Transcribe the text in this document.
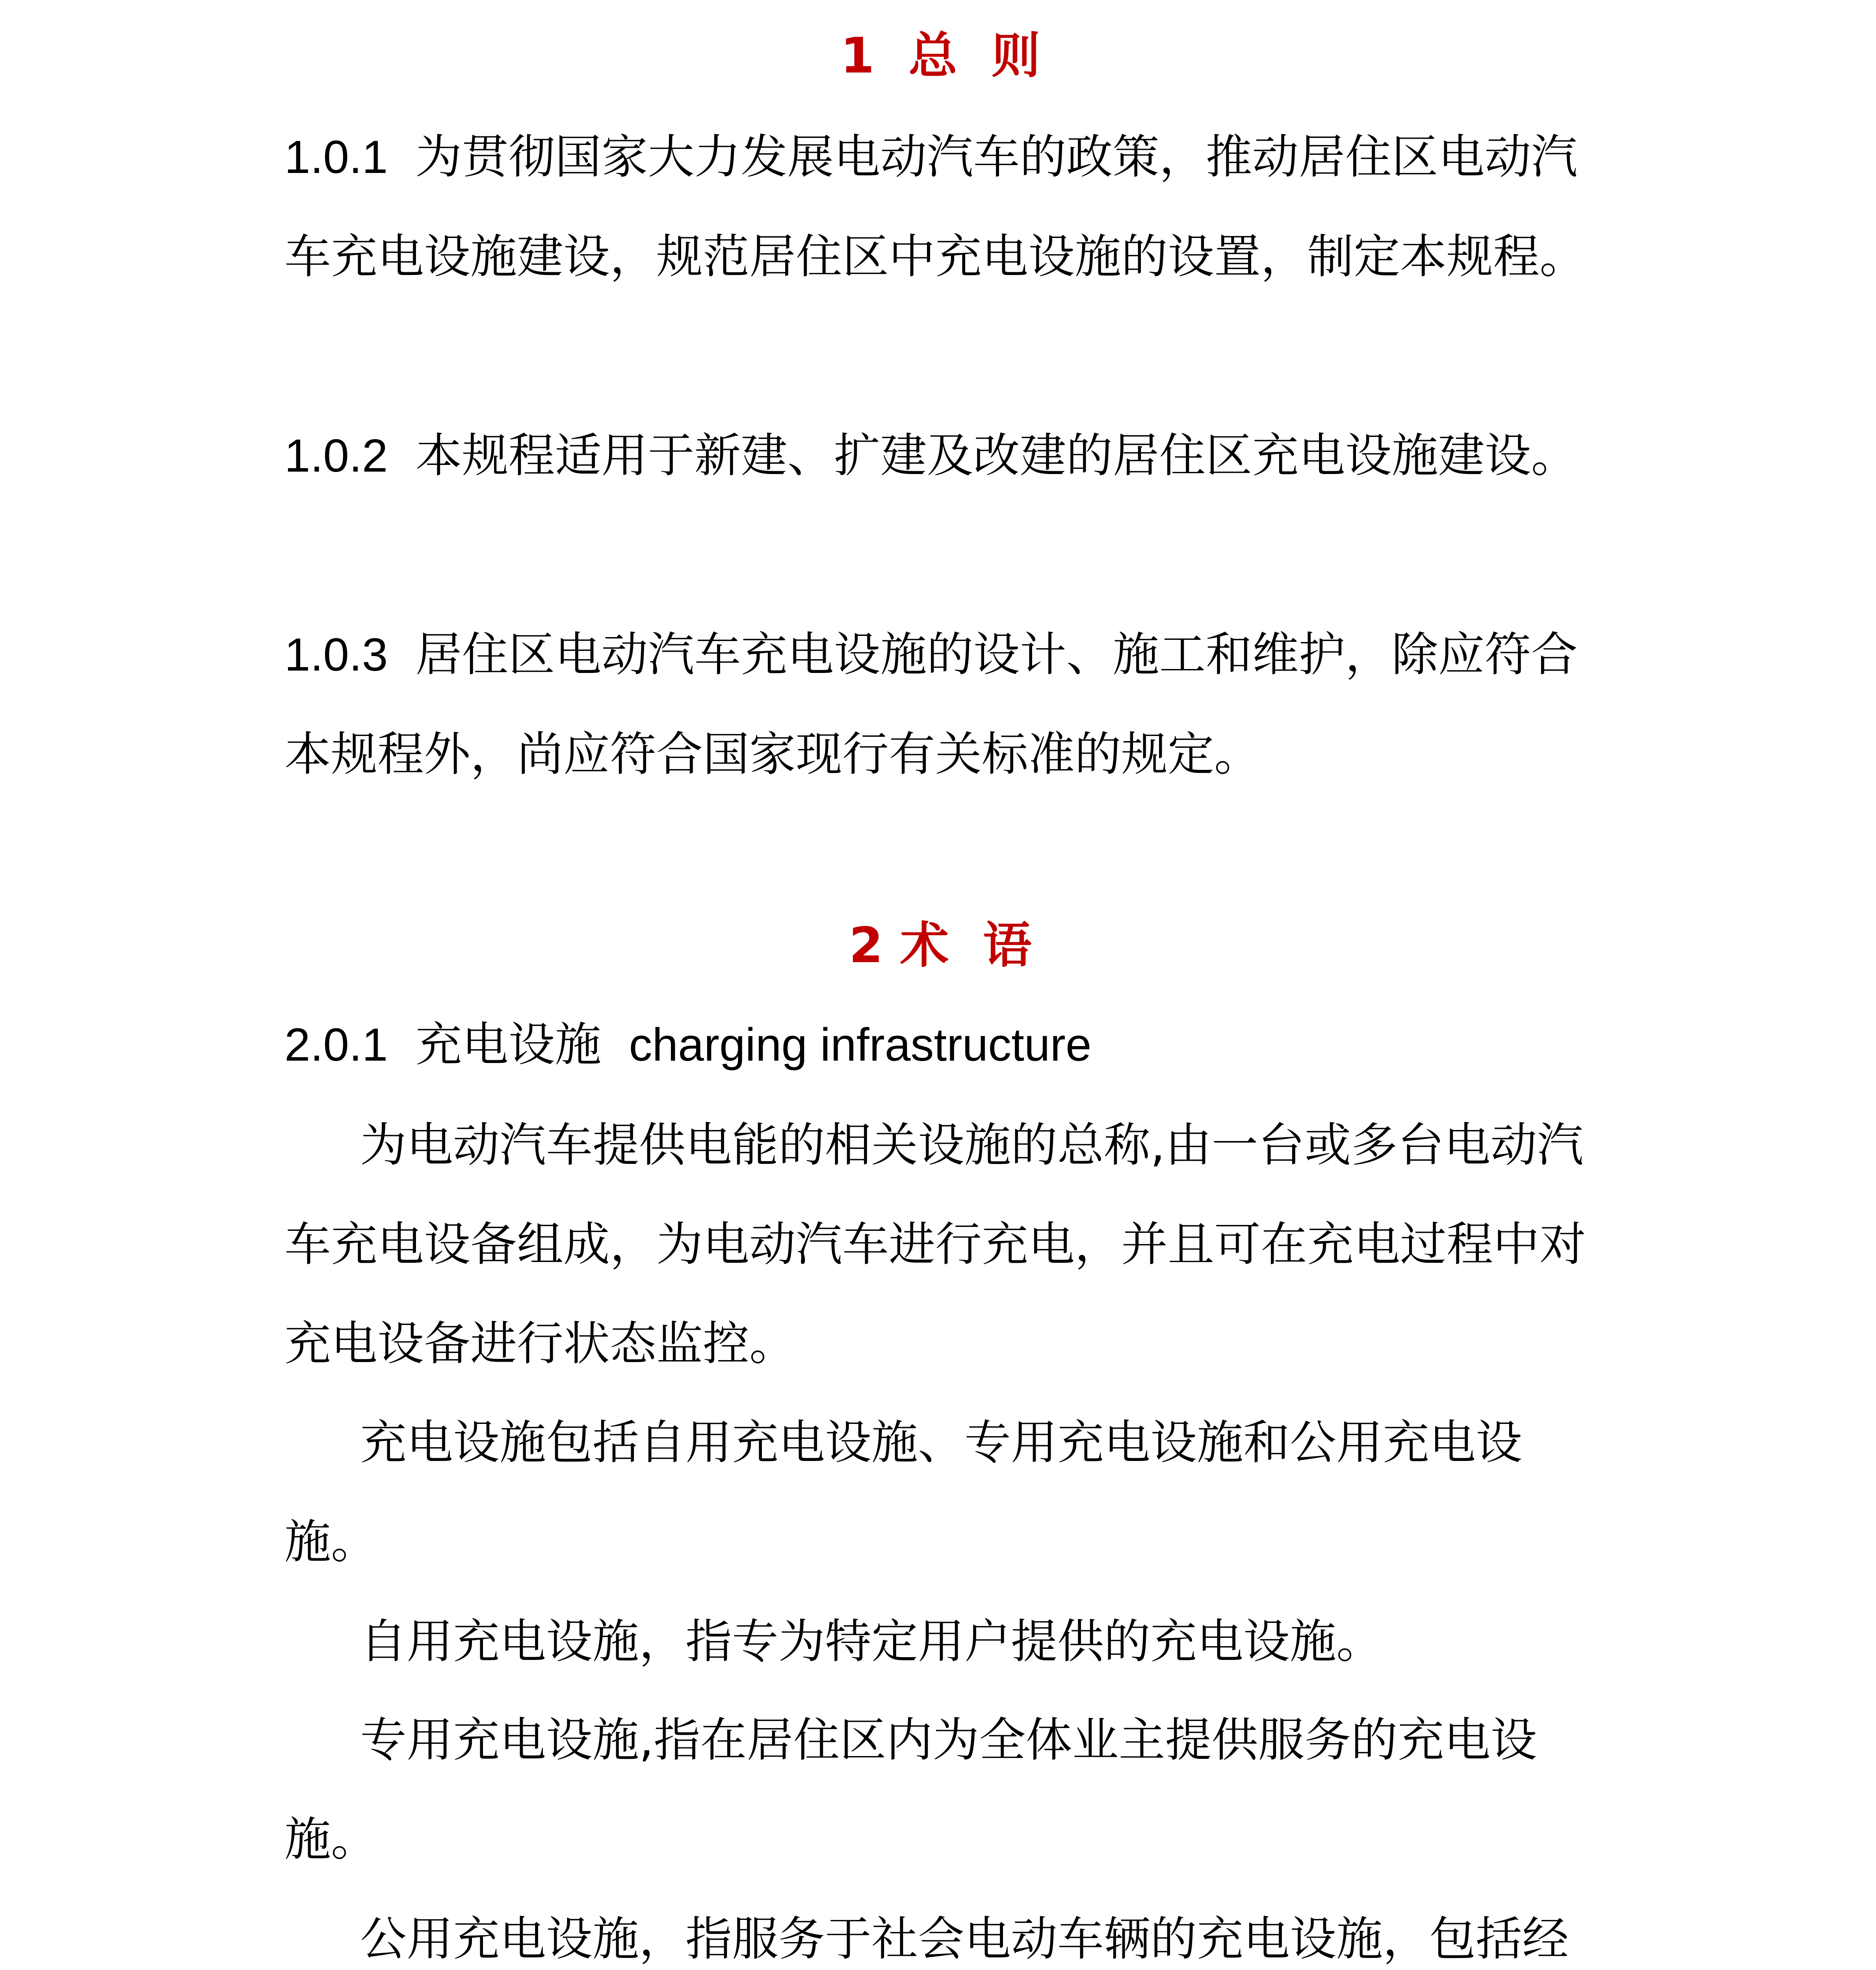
1  总  则

1.0.1 为贯彻国家大力发展电动汽车的政策，推动居住区电动汽车充电设施建设，规范居住区中充电设施的设置，制定本规程。

1.0.2 本规程适用于新建、扩建及改建的居住区充电设施建设。

1.0.3 居住区电动汽车充电设施的设计、施工和维护，除应符合本规程外，尚应符合国家现行有关标准的规定。

2 术  语

2.0.1 充电设施 charging infrastructure

为电动汽车提供电能的相关设施的总称,由一台或多台电动汽车充电设备组成，为电动汽车进行充电，并且可在充电过程中对充电设备进行状态监控。

充电设施包括自用充电设施、专用充电设施和公用充电设施。

自用充电设施，指专为特定用户提供的充电设施。

专用充电设施,指在居住区内为全体业主提供服务的充电设施。

公用充电设施，指服务于社会电动车辆的充电设施，包括经
